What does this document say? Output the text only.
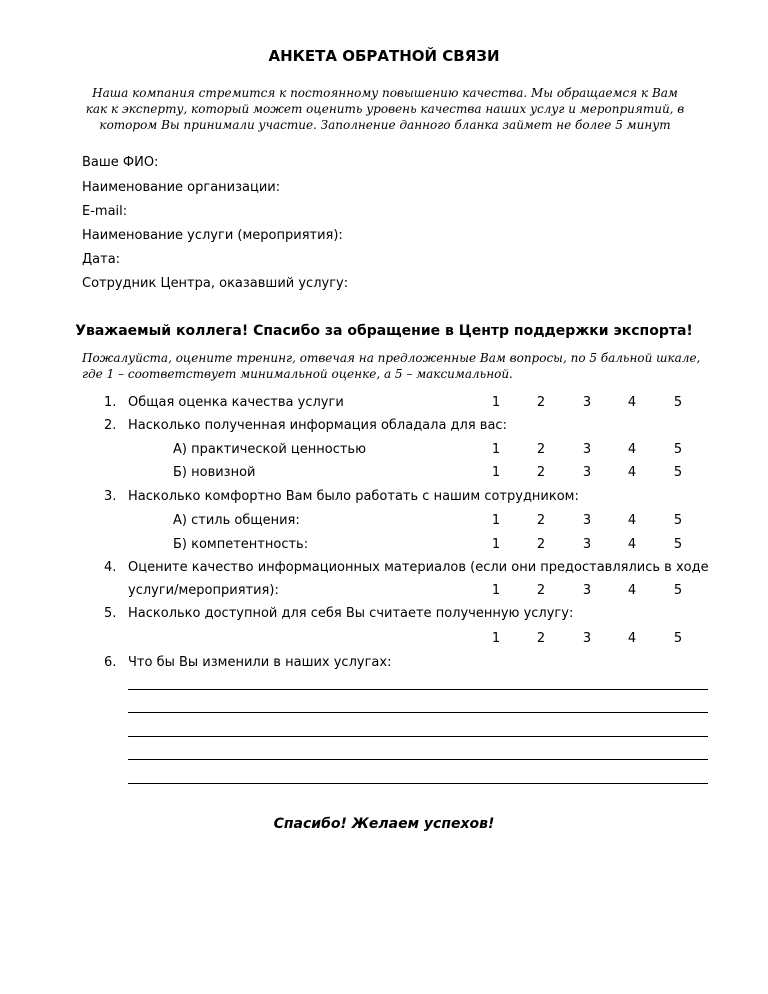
АНКЕТА ОБРАТНОЙ СВЯЗИ
Наша компания стремится к постоянному повышению качества. Мы обращаемся к Вам как к эксперту, который может оценить уровень качества наших услуг и мероприятий, в котором Вы принимали участие. Заполнение данного бланка займет не более 5 минут
Ваше ФИО:
Наименование организации:
E-mail:
Наименование услуги (мероприятия):
Дата:
Сотрудник Центра, оказавший услугу:
Уважаемый коллега! Спасибо за обращение в Центр поддержки экспорта!
Пожалуйста, оцените тренинг, отвечая на предложенные Вам вопросы, по 5 бальной шкале, где 1 – соответствует минимальной оценке, а 5 – максимальной.
1. Общая оценка качества услуги	1	2	3	4	5
2. Насколько полученная информация обладала для вас:
А) практической ценностью	1	2	3	4	5
Б) новизной	1	2	3	4	5
3. Насколько комфортно Вам было работать с нашим сотрудником:
А) стиль общения:	1	2	3	4	5
Б) компетентность:	1	2	3	4	5
4. Оцените качество информационных материалов (если они предоставлялись в ходе
услуги/мероприятия):	1	2	3	4	5
5. Насколько доступной для себя Вы считаете полученную услугу:
1	2	3	4	5
6. Что бы Вы изменили в наших услугах:
Спасибо! Желаем успехов!
